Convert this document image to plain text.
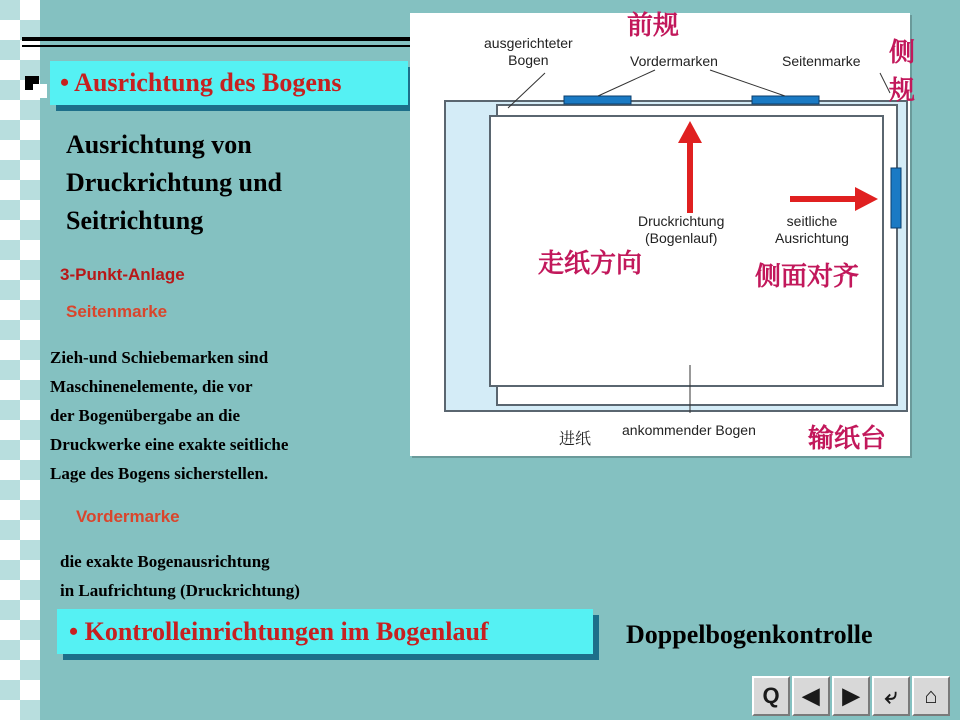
• Ausrichtung des Bogens
Ausrichtung von Druckrichtung und Seitrichtung
3-Punkt-Anlage
Seitenmarke
Zieh-und Schiebemarken sind
Maschinenelemente, die vor
der Bogenübergabe an die
Druckwerke eine exakte seitliche
Lage des Bogens sicherstellen.
Vordermarke
die exakte Bogenausrichtung
in Laufrichtung (Druckrichtung)
• Kontrolleinrichtungen im Bogenlauf	Doppelbogenkontrolle
ausgerichteter
Bogen	Vordermarken	Seitenmarke
Druckrichtung
(Bogenlauf)
seitliche
Ausrichtung
ankommender Bogen
进纸	输纸台
走纸方向	侧面对齐
前规
侧
规
Q	◀	▶	⤶	⌂
